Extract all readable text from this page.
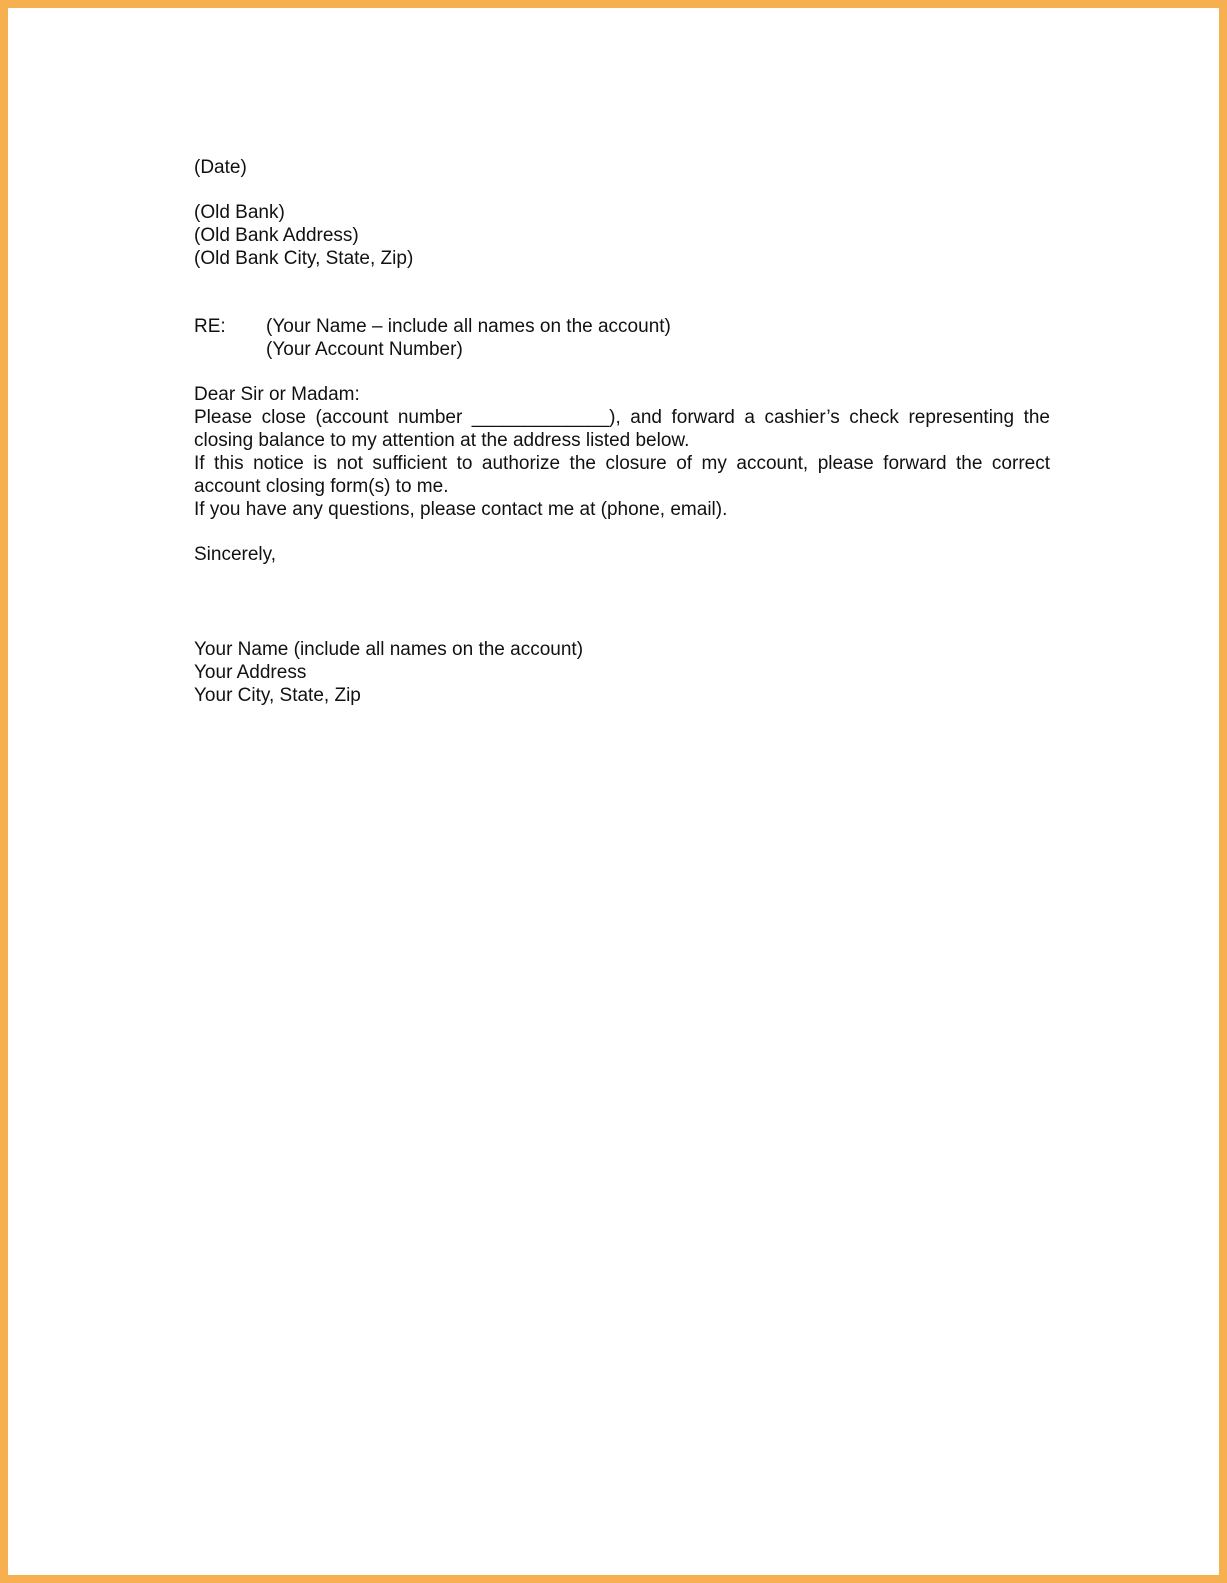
(Date)
(Old Bank)
(Old Bank Address)
(Old Bank City, State, Zip)
RE:	(Your Name – include all names on the account)
(Your Account Number)
Dear Sir or Madam:

Please close (account number _____________), and forward a cashier’s check representing the closing balance to my attention at the address listed below.

If this notice is not sufficient to authorize the closure of my account, please forward the correct account closing form(s) to me.

If you have any questions, please contact me at (phone, email).

Sincerely,
Your Name (include all names on the account)
Your Address
Your City, State, Zip
